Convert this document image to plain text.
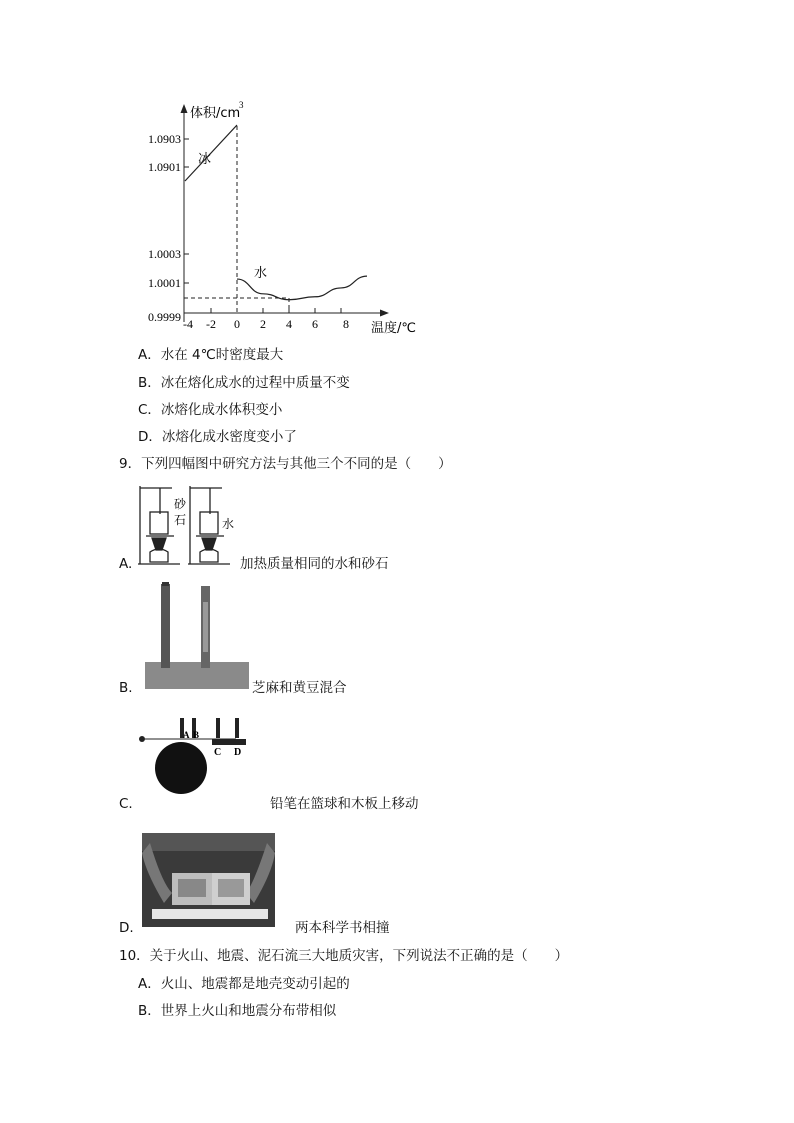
体积/cm
3
温度/℃
1.0903
1.0901
1.0003
1.0001
0.9999 -4 -2 0 2 4 6 8
冰
水
A．水在 4℃时密度最大
B．冰在熔化成水的过程中质量不变
C．冰熔化成水体积变小
D．冰熔化成水密度变小了
9．下列四幅图中研究方法与其他三个不同的是（　　）
砂
石	水
A.	加热质量相同的水和砂石
B.	芝麻和黄豆混合
A B
C D
C.	铅笔在篮球和木板上移动
D.	两本科学书相撞
10．关于火山、地震、泥石流三大地质灾害，下列说法不正确的是（　　）
A．火山、地震都是地壳变动引起的
B．世界上火山和地震分布带相似
